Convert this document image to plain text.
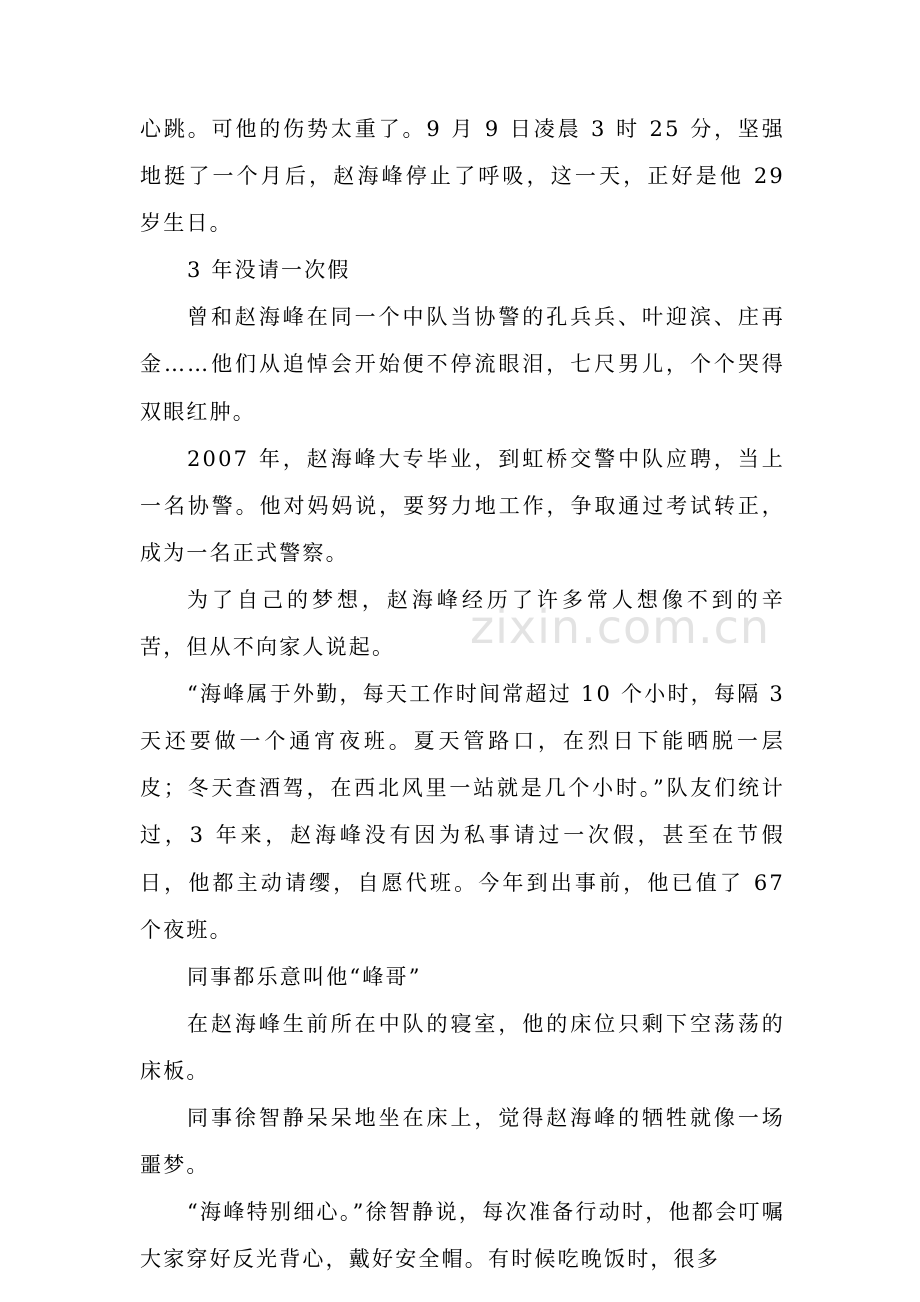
心跳。可他的伤势太重了。9 月 9 日凌晨 3 时 25 分，坚强地挺了一个月后，赵海峰停止了呼吸，这一天，正好是他 29 岁生日。

3 年没请一次假

曾和赵海峰在同一个中队当协警的孔兵兵、叶迎滨、庄再金……他们从追悼会开始便不停流眼泪，七尺男儿，个个哭得双眼红肿。

2007 年，赵海峰大专毕业，到虹桥交警中队应聘，当上一名协警。他对妈妈说，要努力地工作，争取通过考试转正，成为一名正式警察。

为了自己的梦想，赵海峰经历了许多常人想像不到的辛苦，但从不向家人说起。

“海峰属于外勤，每天工作时间常超过 10 个小时，每隔 3 天还要做一个通宵夜班。夏天管路口，在烈日下能晒脱一层皮；冬天查酒驾，在西北风里一站就是几个小时。”队友们统计过，3 年来，赵海峰没有因为私事请过一次假，甚至在节假日，他都主动请缨，自愿代班。今年到出事前，他已值了 67 个夜班。

同事都乐意叫他“峰哥”

在赵海峰生前所在中队的寝室，他的床位只剩下空荡荡的床板。

同事徐智静呆呆地坐在床上，觉得赵海峰的牺牲就像一场噩梦。

“海峰特别细心。”徐智静说，每次准备行动时，他都会叮嘱大家穿好反光背心，戴好安全帽。有时候吃晚饭时，很多

zixin.com.cn
